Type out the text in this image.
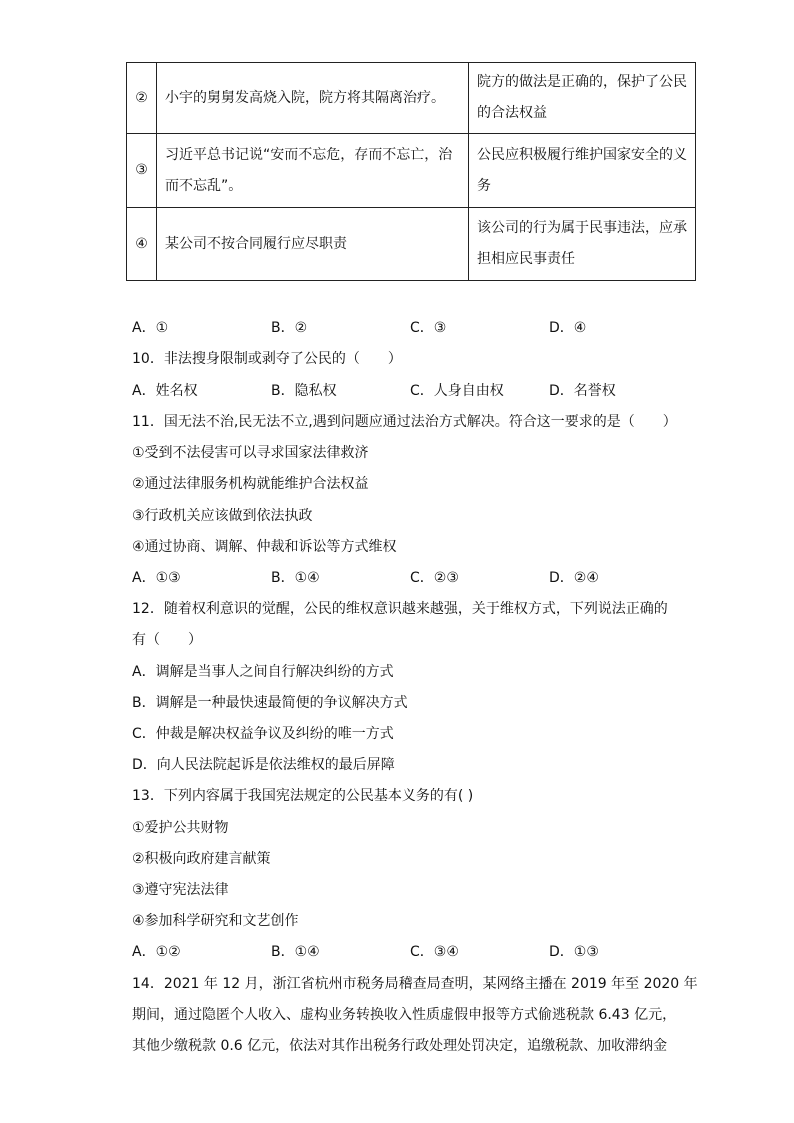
②	小宇的舅舅发高烧入院，院方将其隔离治疗。	院方的做法是正确的，保护了公民的合法权益
③	习近平总书记说“安而不忘危，存而不忘亡，治而不忘乱”。	公民应积极履行维护国家安全的义务
④	某公司不按合同履行应尽职责	该公司的行为属于民事违法，应承担相应民事责任
A．①	B．②	C．③	D．④
10．非法搜身限制或剥夺了公民的（　　）
A．姓名权	B．隐私权	C．人身自由权	D．名誉权
11．国无法不治,民无法不立,遇到问题应通过法治方式解决。符合这一要求的是（　　）
①受到不法侵害可以寻求国家法律救济
②通过法律服务机构就能维护合法权益
③行政机关应该做到依法执政
④通过协商、调解、仲裁和诉讼等方式维权
A．①③	B．①④	C．②③	D．②④
12．随着权利意识的觉醒，公民的维权意识越来越强，关于维权方式，下列说法正确的
有（　　）
A．调解是当事人之间自行解决纠纷的方式
B．调解是一种最快速最简便的争议解决方式
C．仲裁是解决权益争议及纠纷的唯一方式
D．向人民法院起诉是依法维权的最后屏障
13．下列内容属于我国宪法规定的公民基本义务的有( )
①爱护公共财物
②积极向政府建言献策
③遵守宪法法律
④参加科学研究和文艺创作
A．①②	B．①④	C．③④	D．①③
14．2021 年 12 月，浙江省杭州市税务局稽查局查明，某网络主播在 2019 年至 2020 年
期间，通过隐匿个人收入、虚构业务转换收入性质虚假申报等方式偷逃税款 6.43 亿元，
其他少缴税款 0.6 亿元，依法对其作出税务行政处理处罚决定，追缴税款、加收滞纳金
